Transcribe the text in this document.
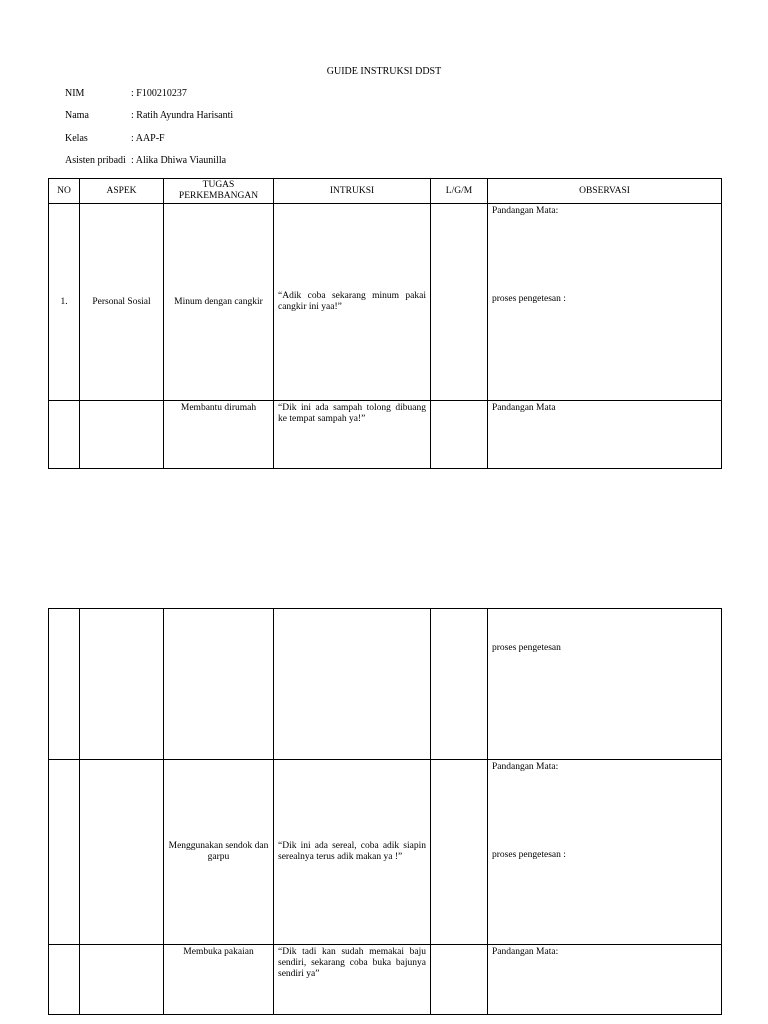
GUIDE INSTRUKSI DDST
NIM	: F100210237
Nama	: Ratih Ayundra Harisanti
Kelas	: AAP-F
Asisten pribadi : Alika Dhiwa Viaunilla
NO	ASPEK	TUGAS PERKEMBANGAN	INTRUKSI	L/G/M	OBSERVASI
1.	Personal Sosial	Minum dengan cangkir	“Adik coba sekarang minum pakai cangkir ini yaa!”		Pandangan Mata:
proses pengetesan :

		Membantu dirumah	“Dik ini ada sampah tolong dibuang ke tempat sampah ya!”		Pandangan Mata

					proses pengetesan

		Menggunakan sendok dan garpu	“Dik ini ada sereal, coba adik siapin serealnya terus adik makan ya !”		Pandangan Mata:
proses pengetesan :

		Membuka pakaian	“Dik tadi kan sudah memakai baju sendiri, sekarang coba buka bajunya sendiri ya”		Pandangan Mata:
